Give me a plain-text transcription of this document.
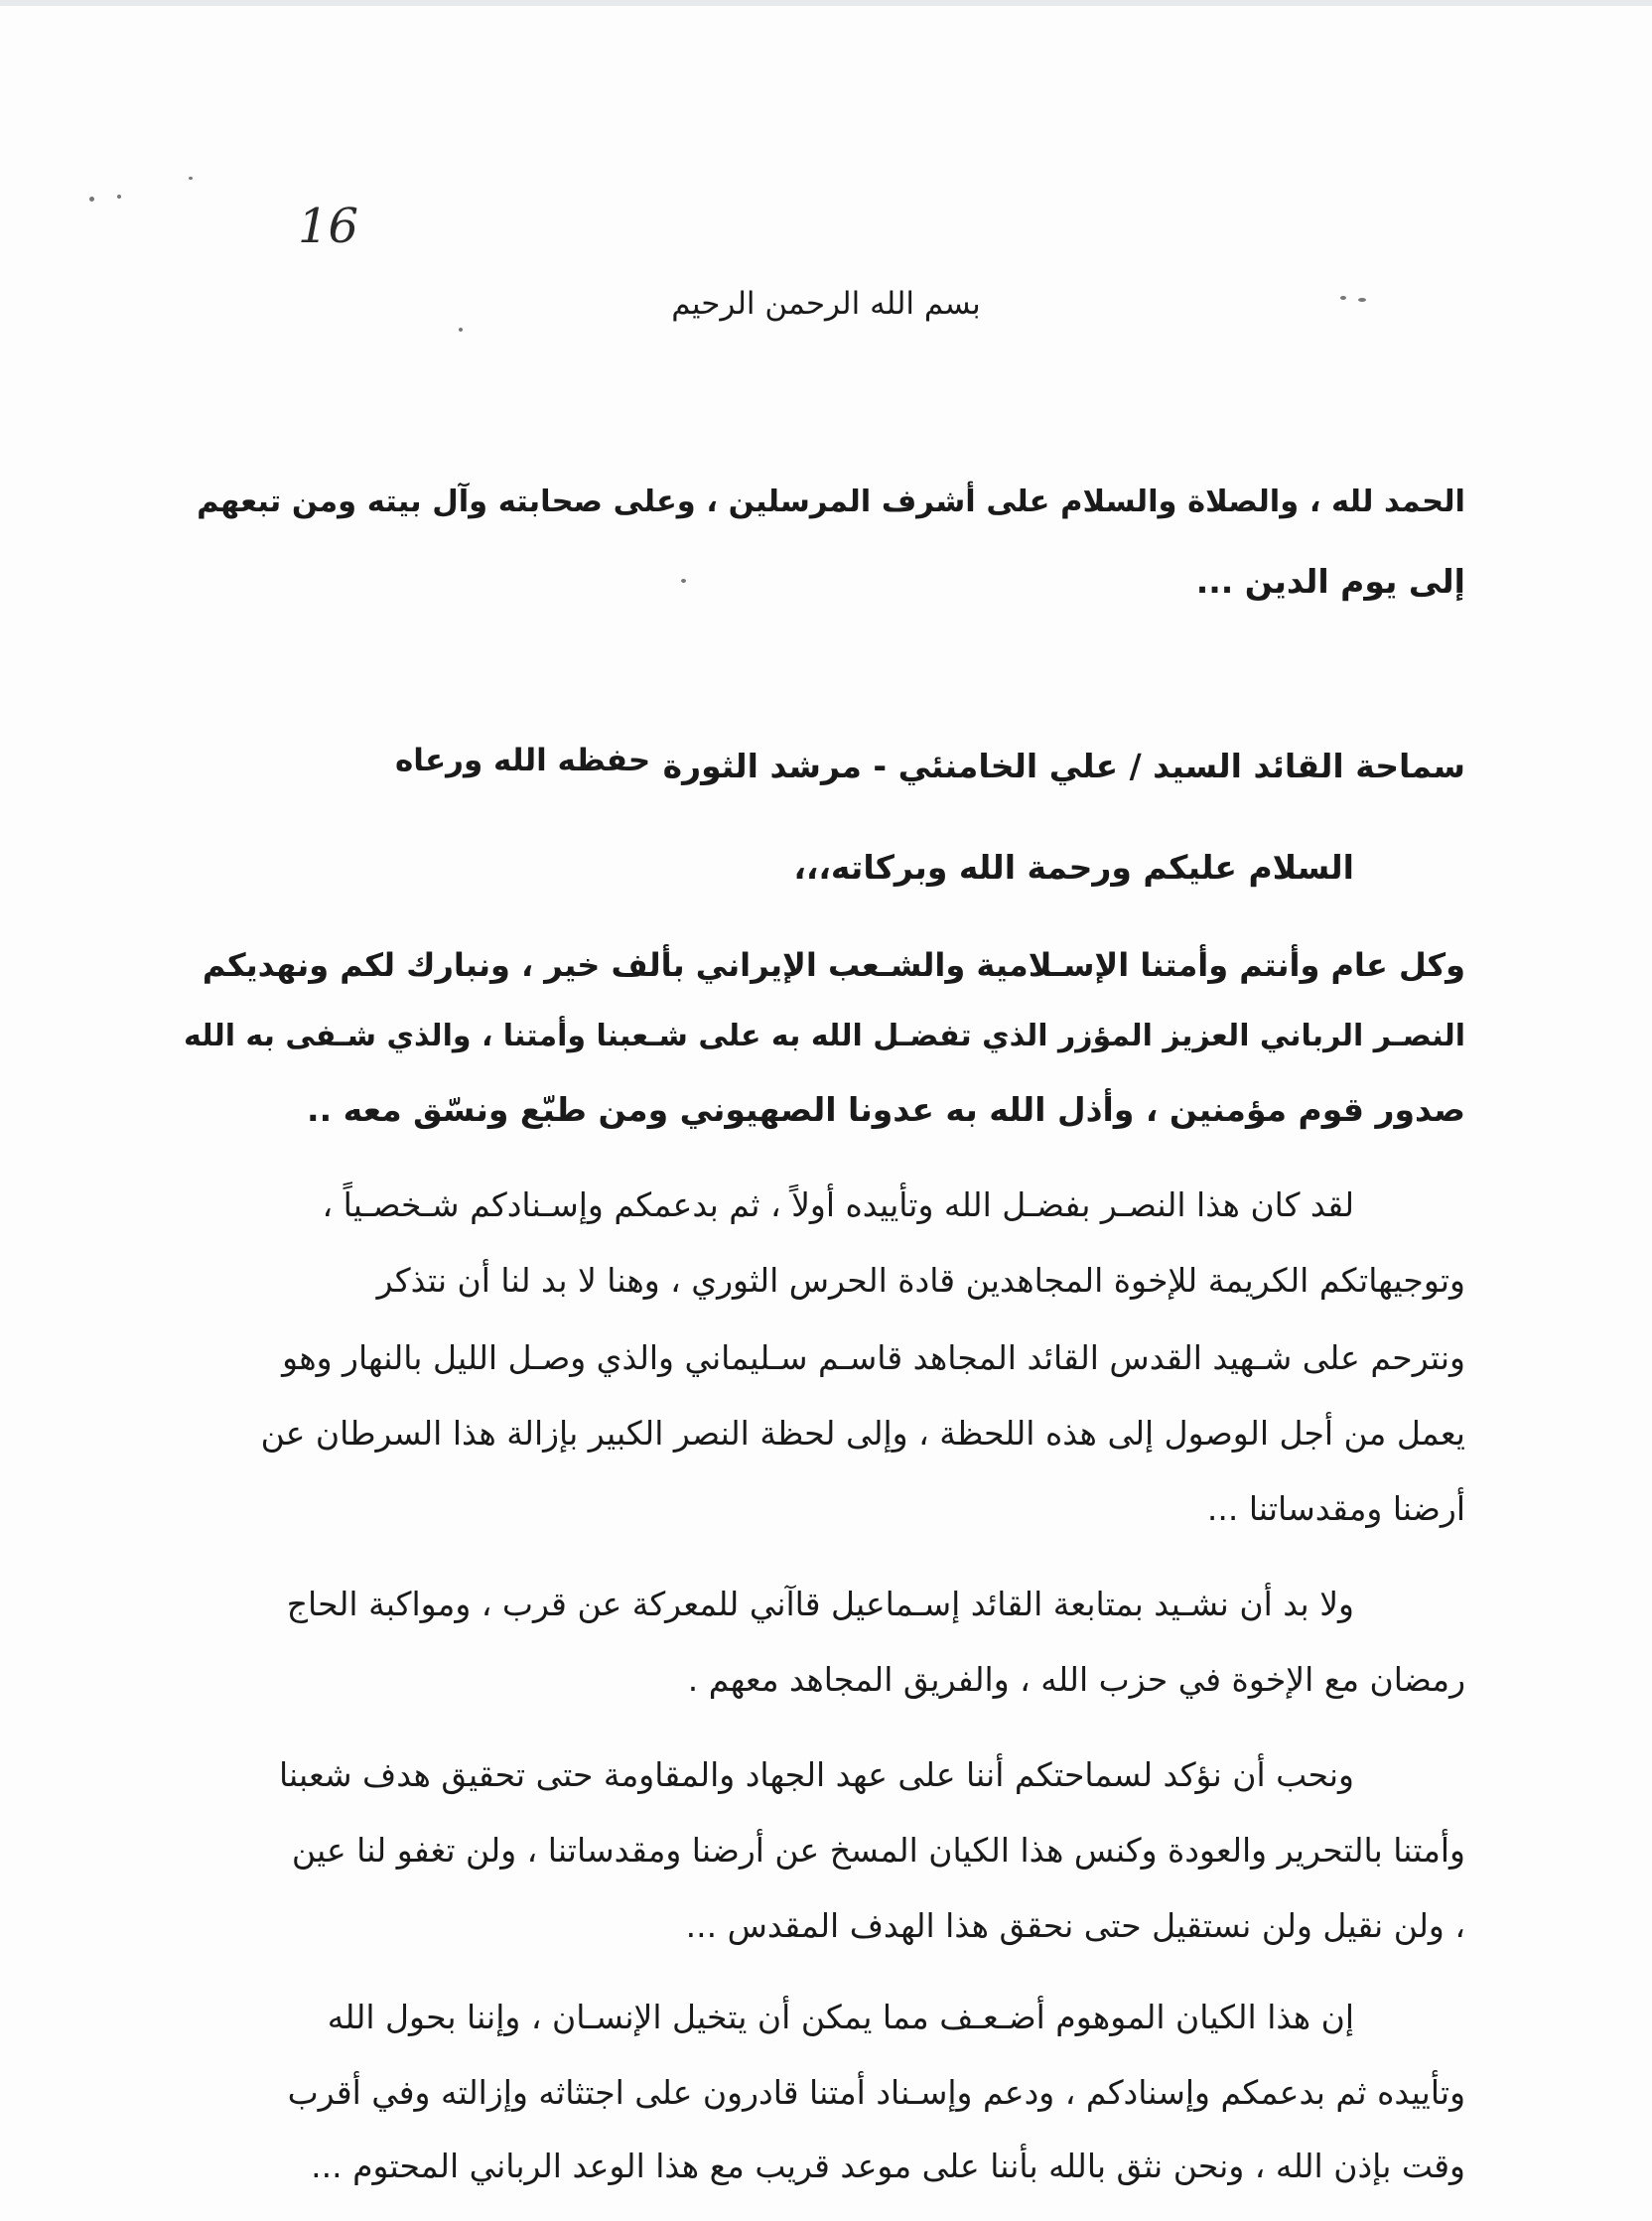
16
بسم الله الرحمن الرحيم
الحمد لله ، والصلاة والسلام على أشرف المرسلين ، وعلى صحابته وآل بيته ومن تبعهم
إلى يوم الدين ...
سماحة القائد السيد / علي الخامنئي - مرشد الثورة
حفظه الله ورعاه
السلام عليكم ورحمة الله وبركاته،،،
وكل عام وأنتم وأمتنا الإسـلامية والشـعب الإيراني بألف خير ، ونبارك لكم ونهديكم
النصـر الرباني العزيز المؤزر الذي تفضـل الله به على شـعبنا وأمتنا ، والذي شـفى به الله
صدور قوم مؤمنين ، وأذل الله به عدونا الصهيوني ومن طبّع ونسّق معه ..
لقد كان هذا النصـر بفضـل الله وتأييده أولاً ، ثم بدعمكم وإسـنادكم شـخصـياً ،
وتوجيهاتكم الكريمة للإخوة المجاهدين قادة الحرس الثوري ، وهنا لا بد لنا أن نتذكر
ونترحم على شـهيد القدس القائد المجاهد قاسـم سـليماني والذي وصـل الليل بالنهار وهو
يعمل من أجل الوصول إلى هذه اللحظة ، وإلى لحظة النصر الكبير بإزالة هذا السرطان عن
أرضنا ومقدساتنا ...
ولا بد أن نشـيد بمتابعة القائد إسـماعيل قاآني للمعركة عن قرب ، ومواكبة الحاج
رمضان مع الإخوة في حزب الله ، والفريق المجاهد معهم .
ونحب أن نؤكد لسماحتكم أننا على عهد الجهاد والمقاومة حتى تحقيق هدف شعبنا
وأمتنا بالتحرير والعودة وكنس هذا الكيان المسخ عن أرضنا ومقدساتنا ، ولن تغفو لنا عين
، ولن نقيل ولن نستقيل حتى نحقق هذا الهدف المقدس ...
إن هذا الكيان الموهوم أضـعـف مما يمكن أن يتخيل الإنسـان ، وإننا بحول الله
وتأييده ثم بدعمكم وإسنادكم ، ودعم وإسـناد أمتنا قادرون على اجتثاثه وإزالته وفي أقرب
وقت بإذن الله ، ونحن نثق بالله بأننا على موعد قريب مع هذا الوعد الرباني المحتوم ...
